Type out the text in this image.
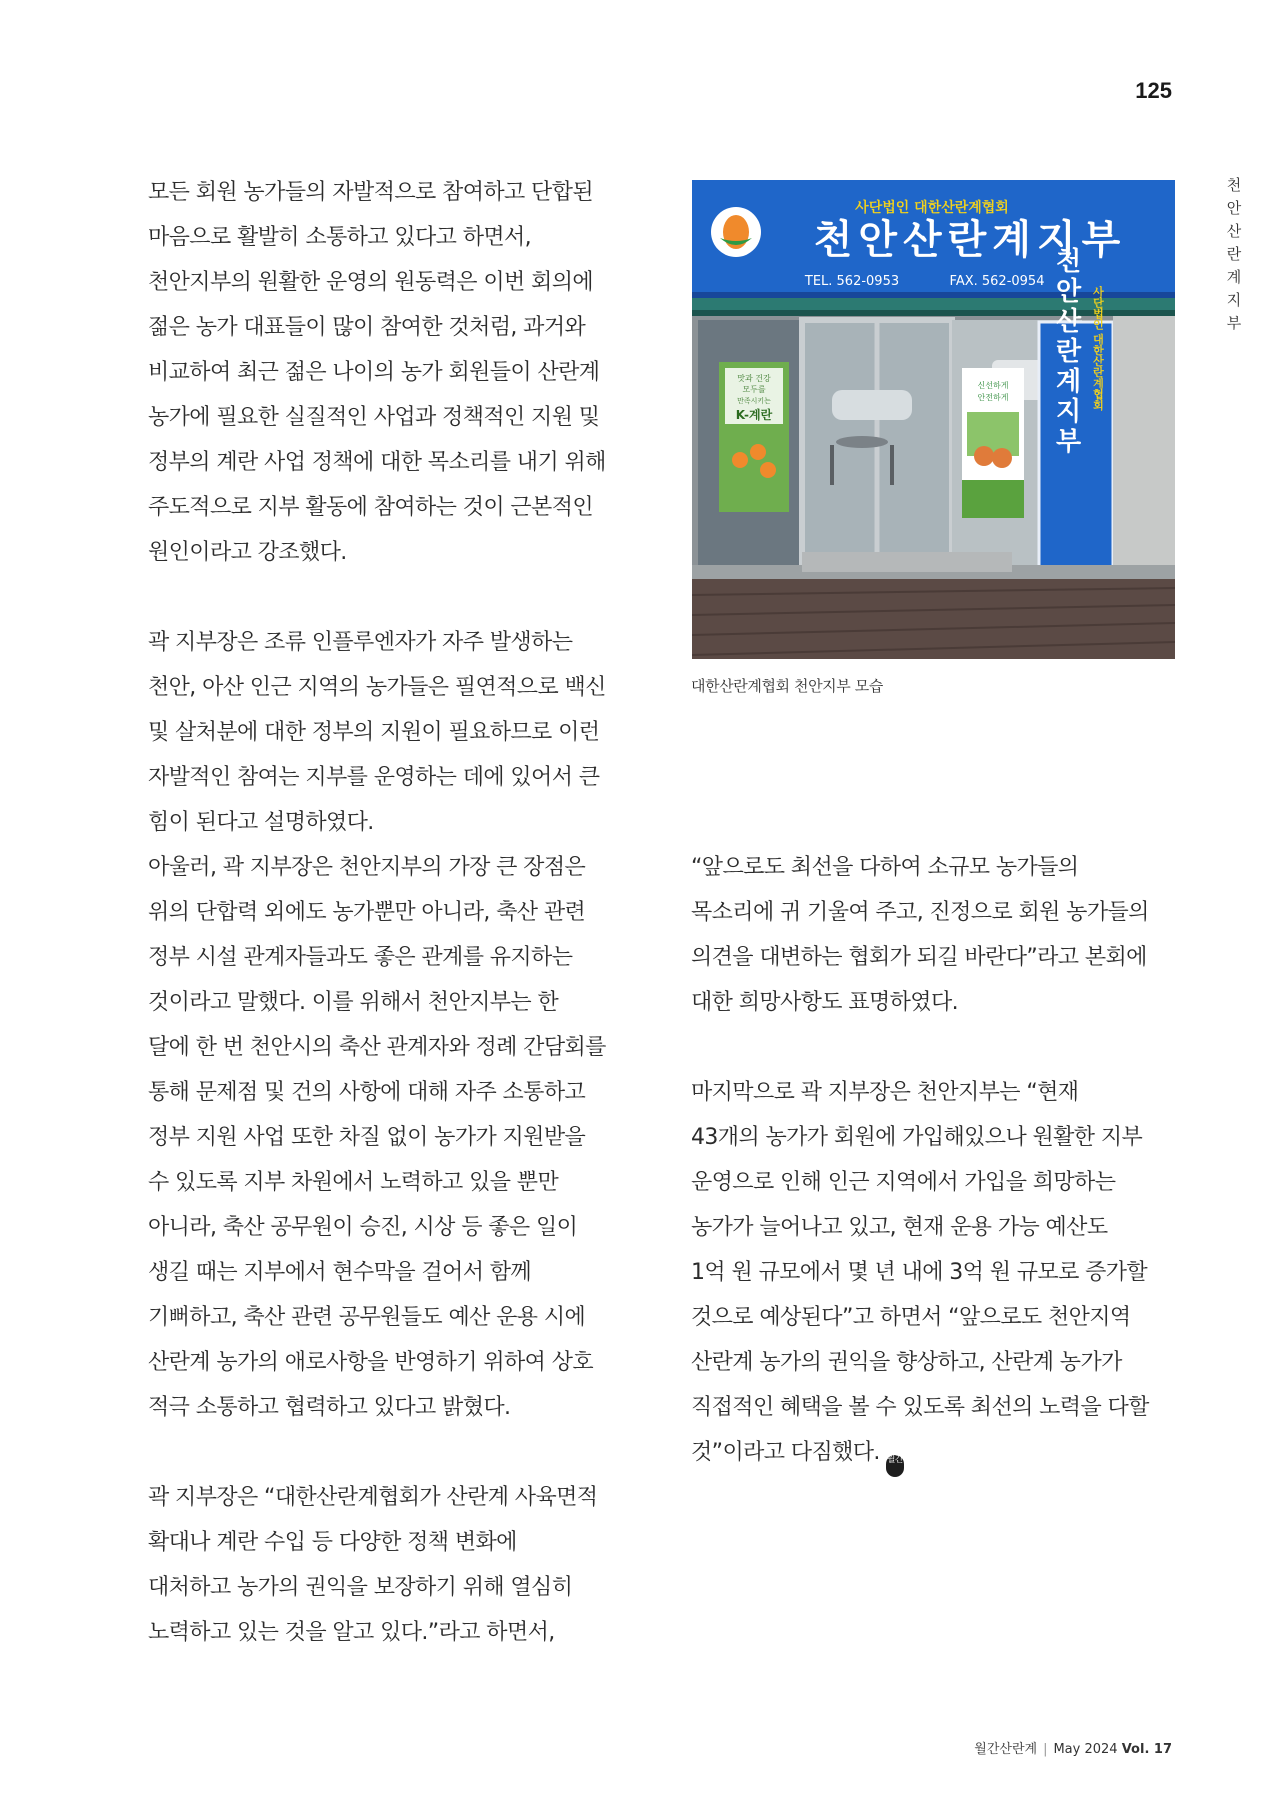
125
천안 산란계지부

모든 회원 농가들의 자발적으로 참여하고 단합된

마음으로 활발히 소통하고 있다고 하면서,

천안지부의 원활한 운영의 원동력은 이번 회의에

젊은 농가 대표들이 많이 참여한 것처럼, 과거와

비교하여 최근 젊은 나이의 농가 회원들이 산란계

농가에 필요한 실질적인 사업과 정책적인 지원 및

정부의 계란 사업 정책에 대한 목소리를 내기 위해

주도적으로 지부 활동에 참여하는 것이 근본적인

원인이라고 강조했다.

곽 지부장은 조류 인플루엔자가 자주 발생하는

천안, 아산 인근 지역의 농가들은 필연적으로 백신

및 살처분에 대한 정부의 지원이 필요하므로 이런

자발적인 참여는 지부를 운영하는 데에 있어서 큰

힘이 된다고 설명하였다.

아울러, 곽 지부장은 천안지부의 가장 큰 장점은

위의 단합력 외에도 농가뿐만 아니라, 축산 관련

정부 시설 관계자들과도 좋은 관계를 유지하는

것이라고 말했다. 이를 위해서 천안지부는 한

달에 한 번 천안시의 축산 관계자와 정례 간담회를

통해 문제점 및 건의 사항에 대해 자주 소통하고

정부 지원 사업 또한 차질 없이 농가가 지원받을

수 있도록 지부 차원에서 노력하고 있을 뿐만

아니라, 축산 공무원이 승진, 시상 등 좋은 일이

생길 때는 지부에서 현수막을 걸어서 함께

기뻐하고, 축산 관련 공무원들도 예산 운용 시에

산란계 농가의 애로사항을 반영하기 위하여 상호

적극 소통하고 협력하고 있다고 밝혔다.

곽 지부장은 “대한산란계협회가 산란계 사육면적

확대나 계란 수입 등 다양한 정책 변화에

대처하고 농가의 권익을 보장하기 위해 열심히

노력하고 있는 것을 알고 있다.”라고 하면서,

사단법인 대한산란계협회
천안산란계지부
TEL. 562-0953	FAX. 562-0954
맛과 건강
모두를
만족시키는
K-계란
신선하게
안전하게 천안산란계지부 사단법인 대한산란계협회
대한산란계협회 천안지부 모습

“앞으로도 최선을 다하여 소규모 농가들의

목소리에 귀 기울여 주고, 진정으로 회원 농가들의

의견을 대변하는 협회가 되길 바란다”라고 본회에

대한 희망사항도 표명하였다.

마지막으로 곽 지부장은 천안지부는 “현재

43개의 농가가 회원에 가입해있으나 원활한 지부

운영으로 인해 인근 지역에서 가입을 희망하는

농가가 늘어나고 있고, 현재 운용 가능 예산도

1억 원 규모에서 몇 년 내에 3억 원 규모로 증가할

것으로 예상된다”고 하면서 “앞으로도 천안지역

산란계 농가의 권익을 향상하고, 산란계 농가가

직접적인 혜택을 볼 수 있도록 최선의 노력을 다할

것”이라고 다짐했다. 월간

월간산란계 | May 2024 Vol. 17
